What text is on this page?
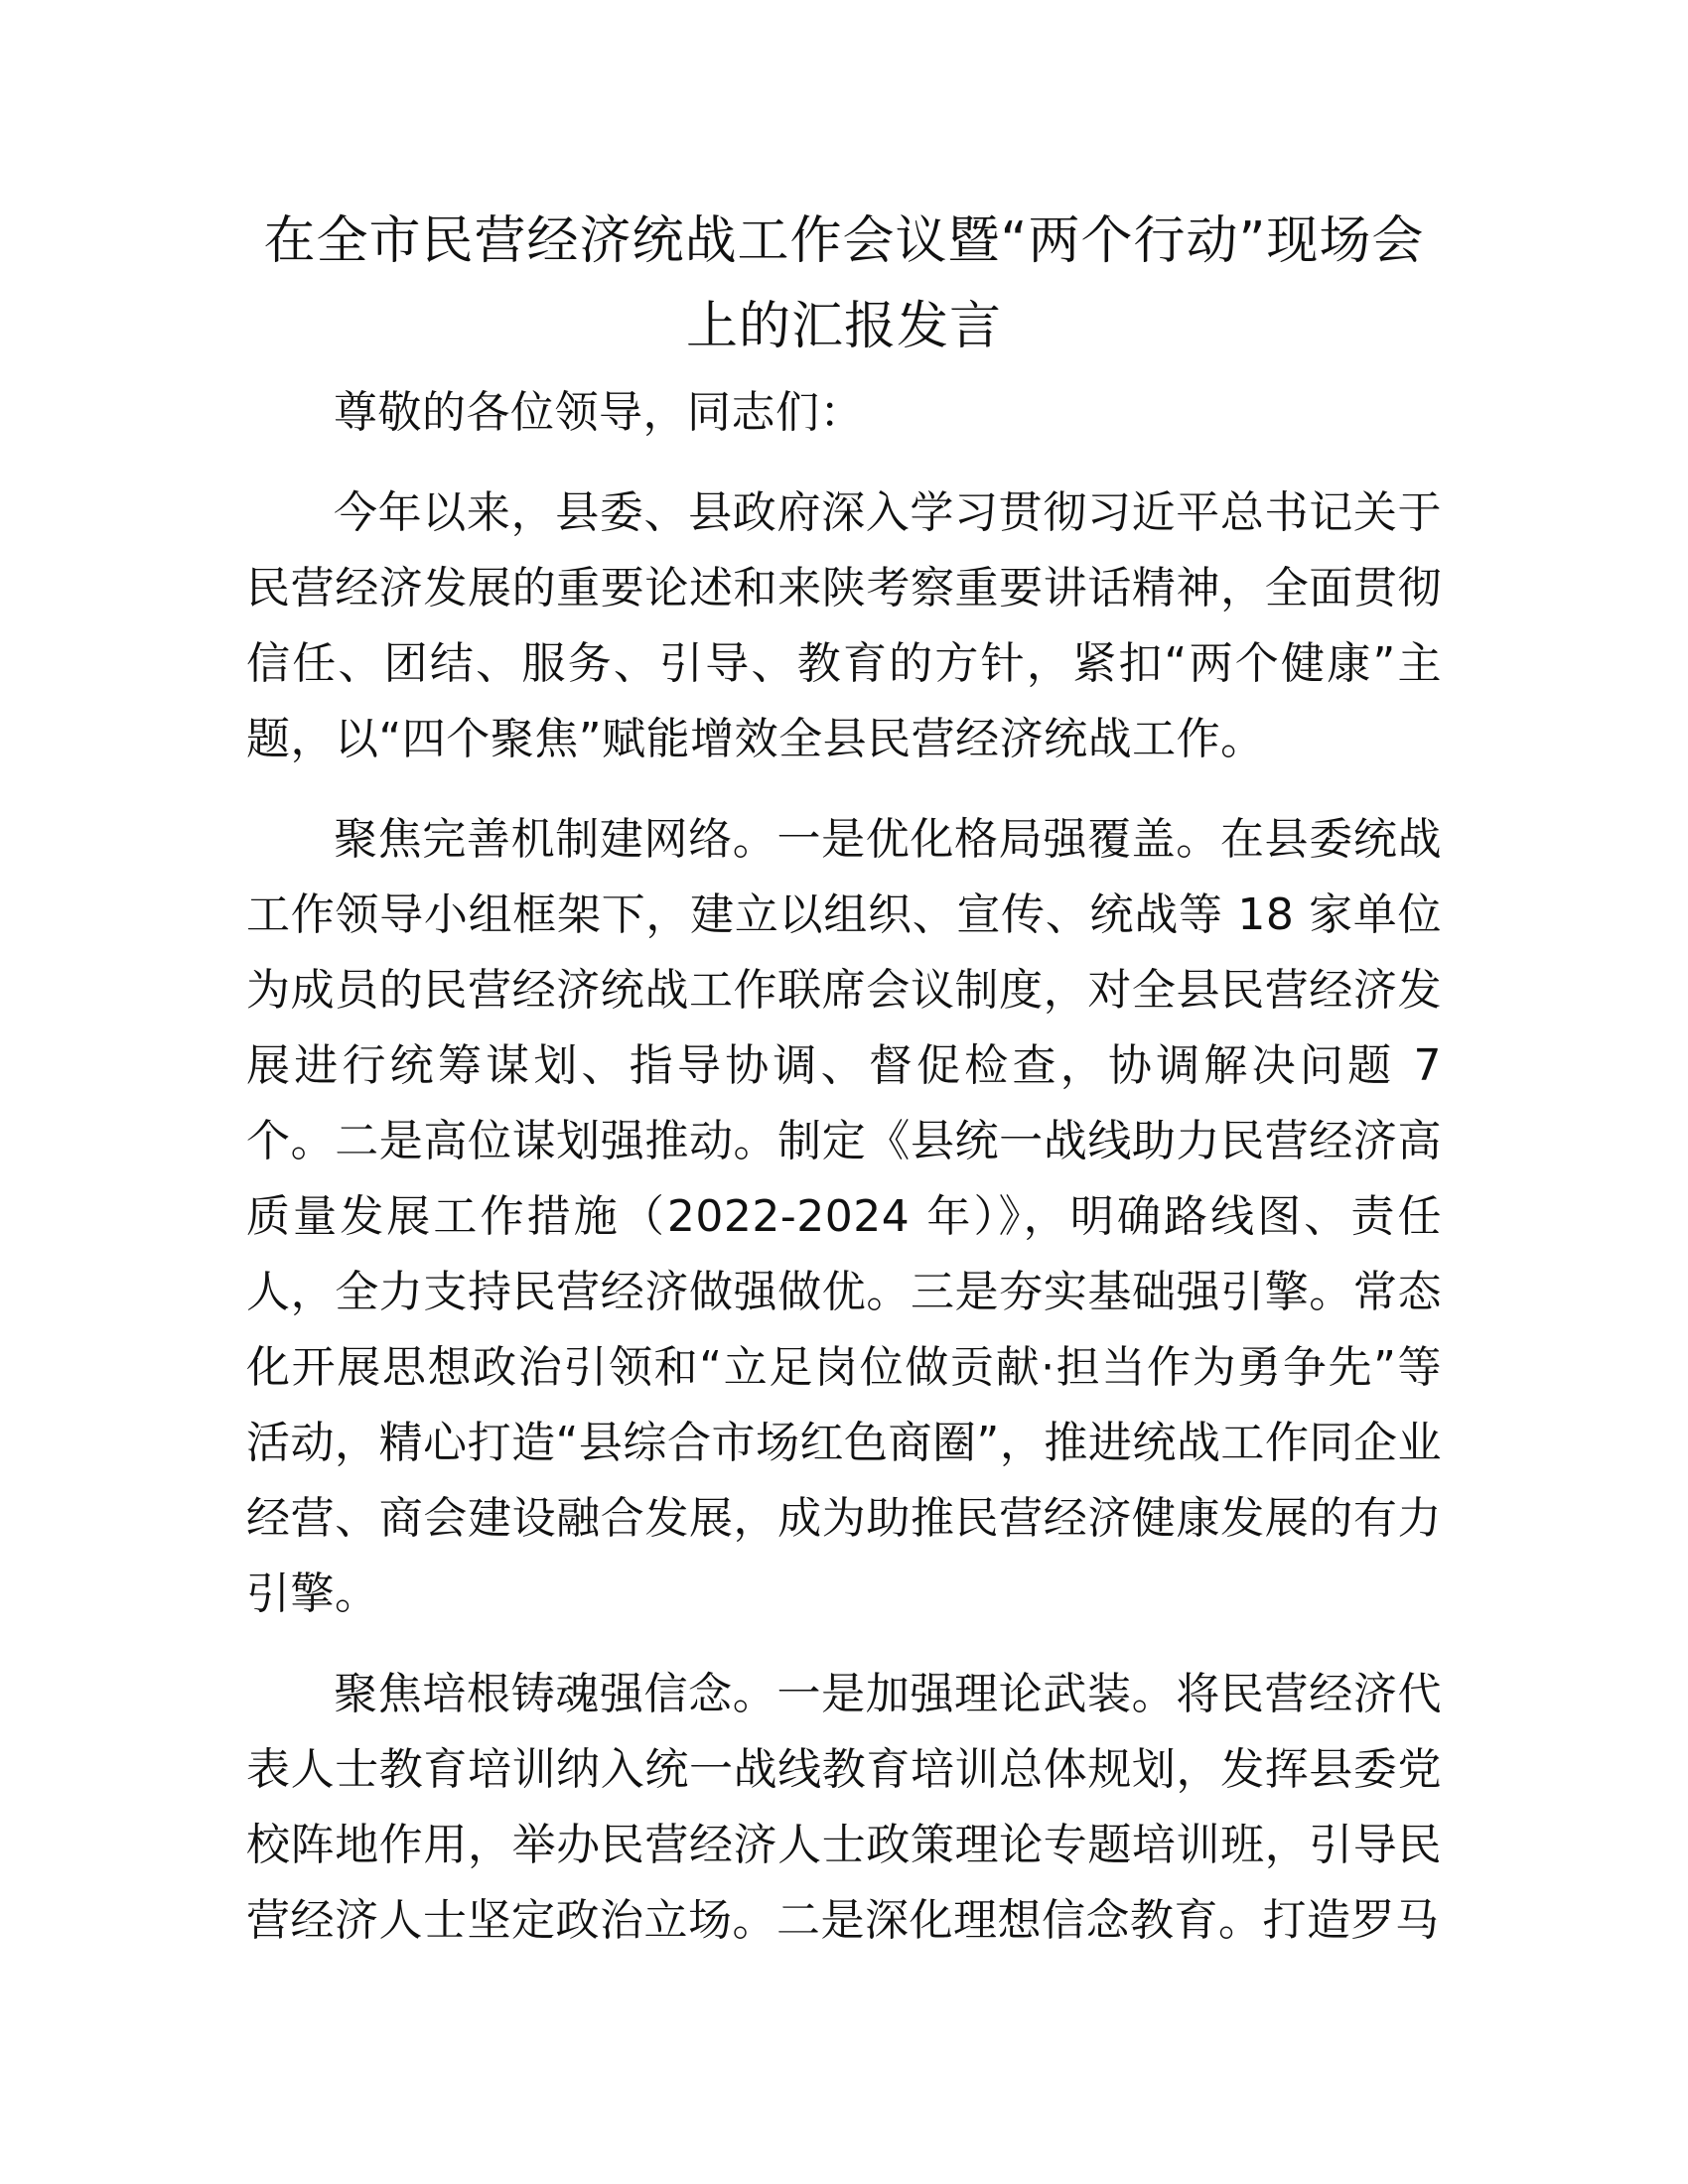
在全市民营经济统战工作会议暨“两个行动”现场会上的汇报发言

尊敬的各位领导，同志们：

今年以来，县委、县政府深入学习贯彻习近平总书记关于民营经济发展的重要论述和来陕考察重要讲话精神，全面贯彻信任、团结、服务、引导、教育的方针，紧扣“两个健康”主题，以“四个聚焦”赋能增效全县民营经济统战工作。

聚焦完善机制建网络。一是优化格局强覆盖。在县委统战工作领导小组框架下，建立以组织、宣传、统战等 18 家单位为成员的民营经济统战工作联席会议制度，对全县民营经济发展进行统筹谋划、指导协调、督促检查，协调解决问题 7 个。二是高位谋划强推动。制定《县统一战线助力民营经济高质量发展工作措施（2022-2024 年）》，明确路线图、责任人，全力支持民营经济做强做优。三是夯实基础强引擎。常态化开展思想政治引领和“立足岗位做贡献·担当作为勇争先”等活动，精心打造“县综合市场红色商圈”，推进统战工作同企业经营、商会建设融合发展，成为助推民营经济健康发展的有力引擎。

聚焦培根铸魂强信念。一是加强理论武装。将民营经济代表人士教育培训纳入统一战线教育培训总体规划，发挥县委党校阵地作用，举办民营经济人士政策理论专题培训班，引导民营经济人士坚定政治立场。二是深化理想信念教育。打造罗马
